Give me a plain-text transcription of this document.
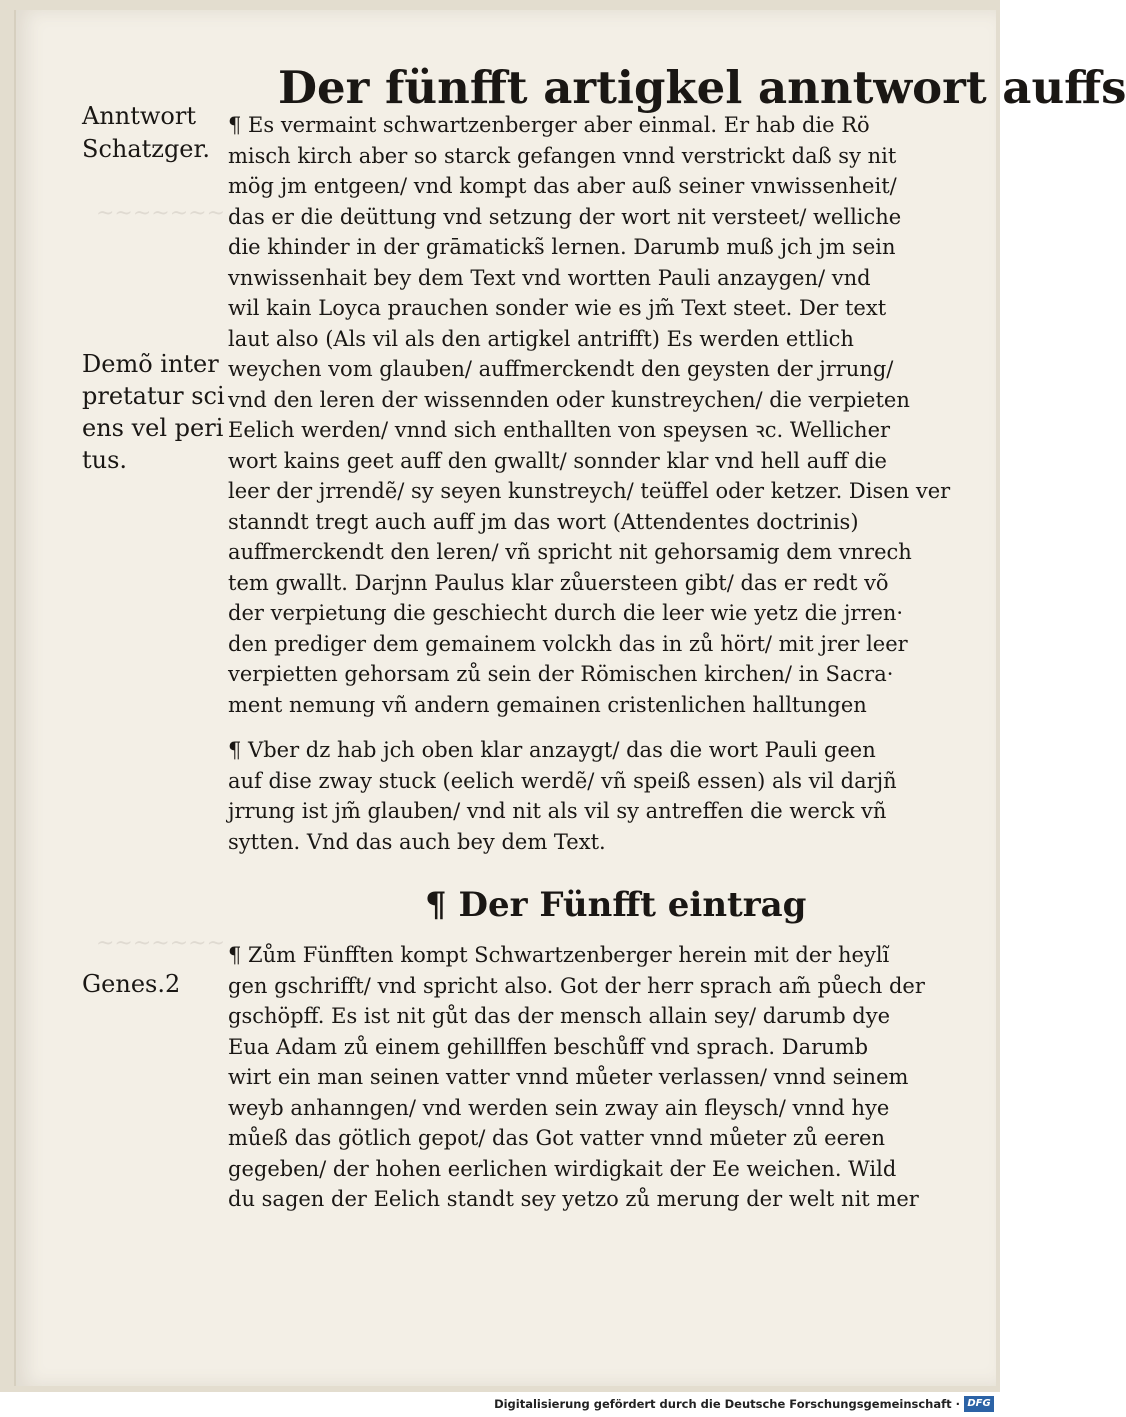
~~~~~~~
~~~~~~~
Der fünfft artigkel anntwort auffs
Anntwort
Schatzger.
Demõ inter
pretatur sci
ens vel peri
tus.
Genes.2
¶ Es vermaint schwartzenberger aber einmal. Er hab die Rö
misch kirch aber so starck gefangen vnnd verstrickt daß sy nit
mög jm entgeen/ vnd kompt das aber auß seiner vnwissenheit/
das er die deüttung vnd setzung der wort nit versteet/ welliche
die khinder in der grāmaticks̃ lernen. Darumb muß jch jm sein
vnwissenhait bey dem Text vnd wortten Pauli anzaygen/ vnd
wil kain Loyca prauchen sonder wie es jm̃ Text steet. Der text
laut also (Als vil als den artigkel antrifft) Es werden ettlich
weychen vom glauben/ auffmerckendt den geysten der jrrung/
vnd den leren der wissennden oder kunstreychen/ die verpieten
Eelich werden/ vnnd sich enthallten von speysen ꝛc. Wellicher
wort kains geet auff den gwallt/ sonnder klar vnd hell auff die
leer der jrrendẽ/ sy seyen kunstreych/ teüffel oder ketzer. Disen ver
stanndt tregt auch auff jm das wort (Attendentes doctrinis)
auffmerckendt den leren/ vñ spricht nit gehorsamig dem vnrech
tem gwallt. Darjnn Paulus klar zůuersteen gibt/ das er redt võ
der verpietung die geschiecht durch die leer wie yetz die jrren·
den prediger dem gemainem volckh das in zů hört/ mit jrer leer
verpietten gehorsam zů sein der Römischen kirchen/ in Sacra·
ment nemung vñ andern gemainen cristenlichen halltungen
¶ Vber dz hab jch oben klar anzaygt/ das die wort Pauli geen
auf dise zway stuck (eelich werdẽ/ vñ speiß essen) als vil darjñ
jrrung ist jm̃ glauben/ vnd nit als vil sy antreffen die werck vñ
sytten. Vnd das auch bey dem Text.
¶ Der Fünfft eintrag
¶ Zům Fünfften kompt Schwartzenberger herein mit der heylĩ
gen gschrifft/ vnd spricht also. Got der herr sprach am̃ půech der
gschöpff. Es ist nit gůt das der mensch allain sey/ darumb dye
Eua Adam zů einem gehillffen beschůff vnd sprach. Darumb
wirt ein man seinen vatter vnnd můeter verlassen/ vnnd seinem
weyb anhanngen/ vnd werden sein zway ain fleysch/ vnnd hye
můeß das götlich gepot/ das Got vatter vnnd můeter zů eeren
gegeben/ der hohen eerlichen wirdigkait der Ee weichen. Wild
du sagen der Eelich standt sey yetzo zů merung der welt nit mer
Digitalisierung gefördert durch die Deutsche Forschungsgemeinschaft · DFG
